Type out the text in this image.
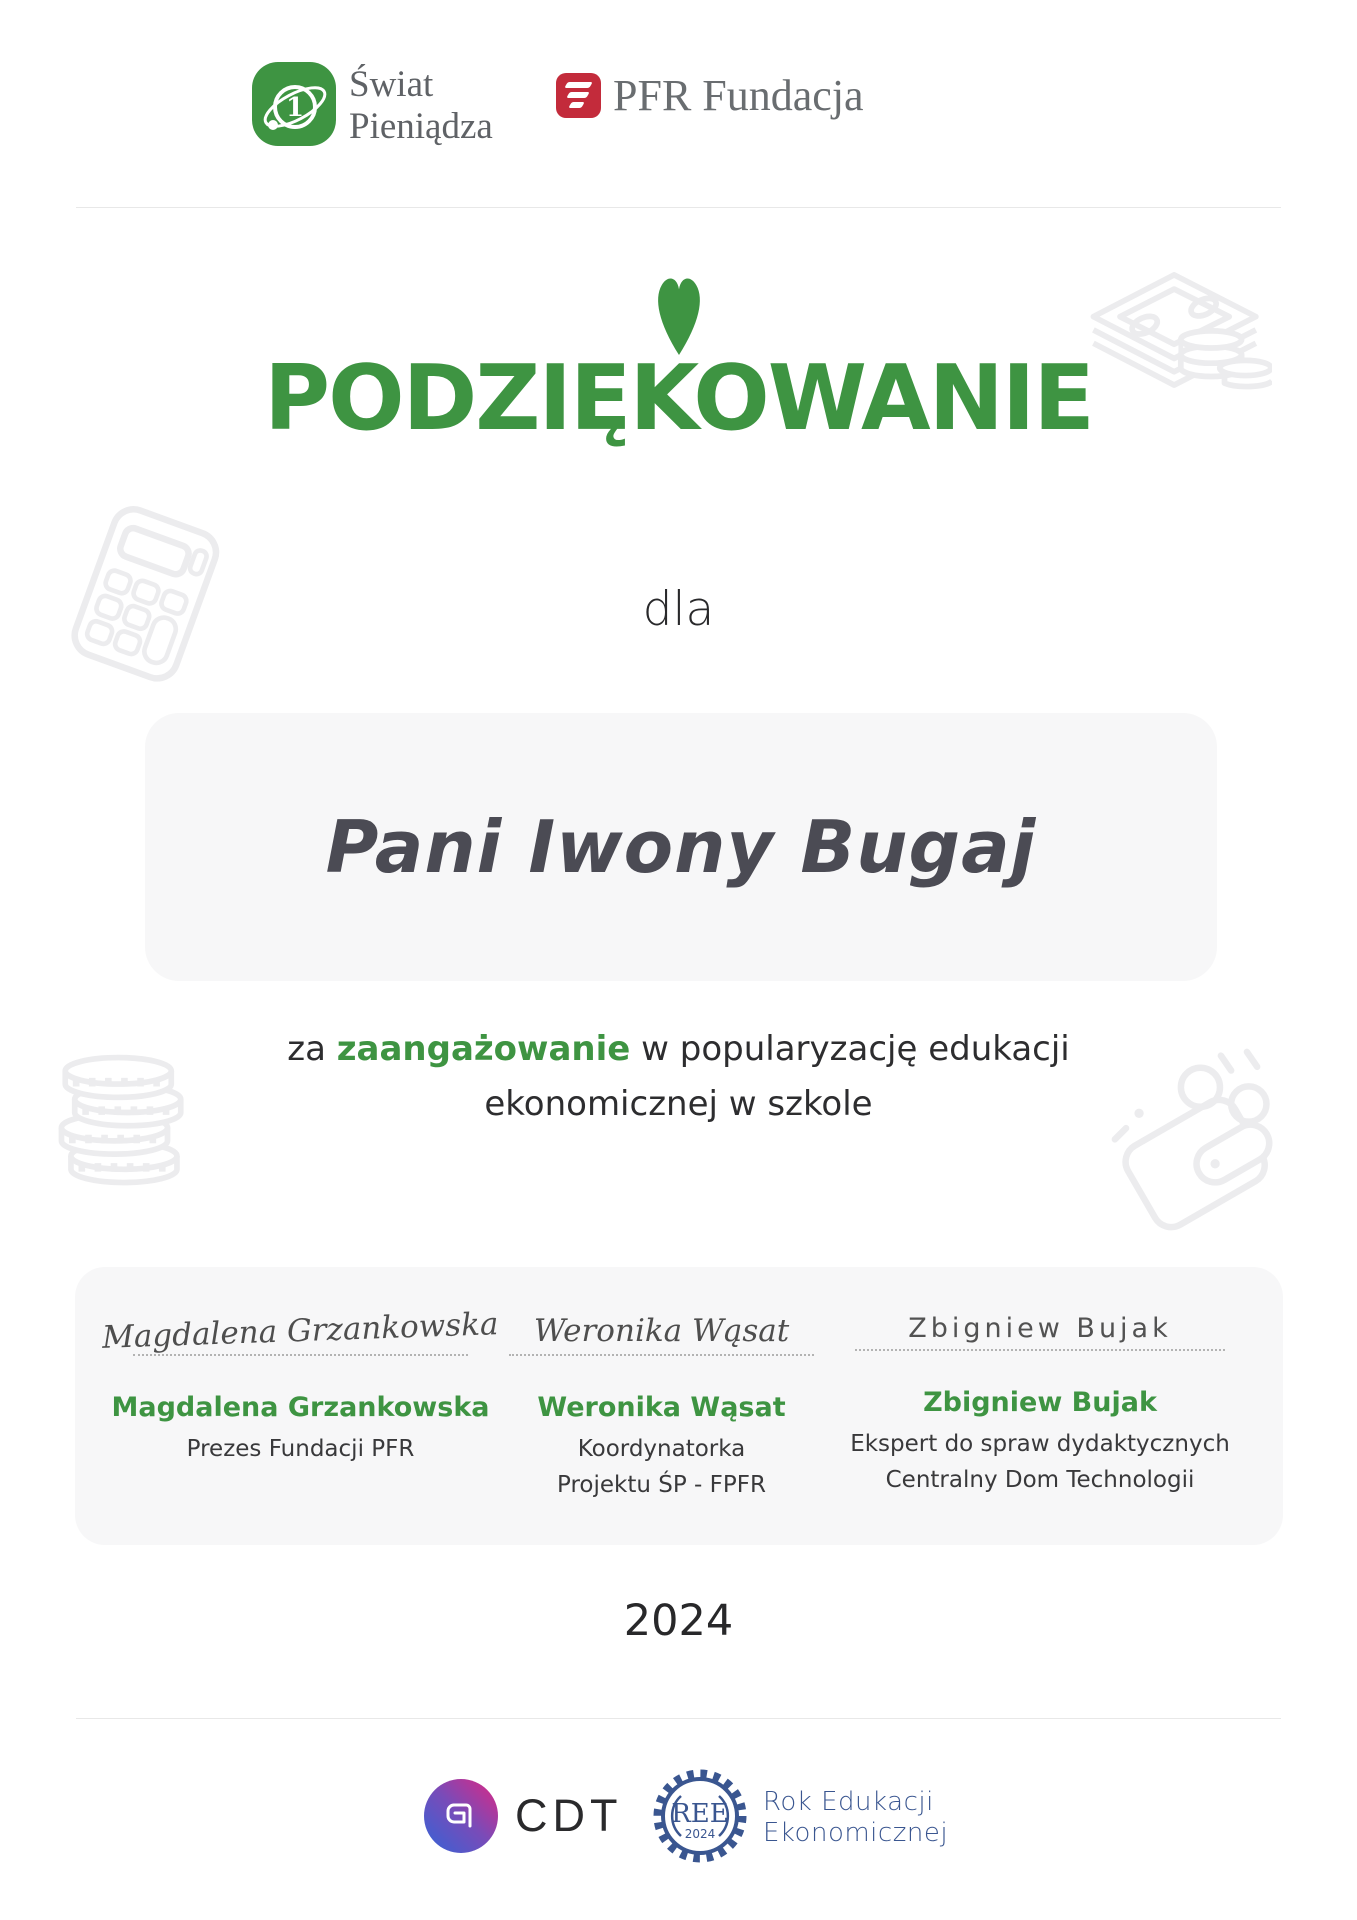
1
Świat
Pieniądza
PFR Fundacja
PODZIĘKOWANIE
dla
Pani Iwony Bugaj
za zaangażowanie w popularyzację edukacji
ekonomicznej w szkole
Magdalena Grzankowska
Magdalena Grzankowska
Prezes Fundacji PFR
Weronika Wąsat
Weronika Wąsat
Koordynatorka
Projektu ŚP - FPFR
Zbigniew Bujak
Zbigniew Bujak
Ekspert do spraw dydaktycznych
Centralny Dom Technologii
2024
CDT REE
2024
Rok Edukacji
Ekonomicznej
